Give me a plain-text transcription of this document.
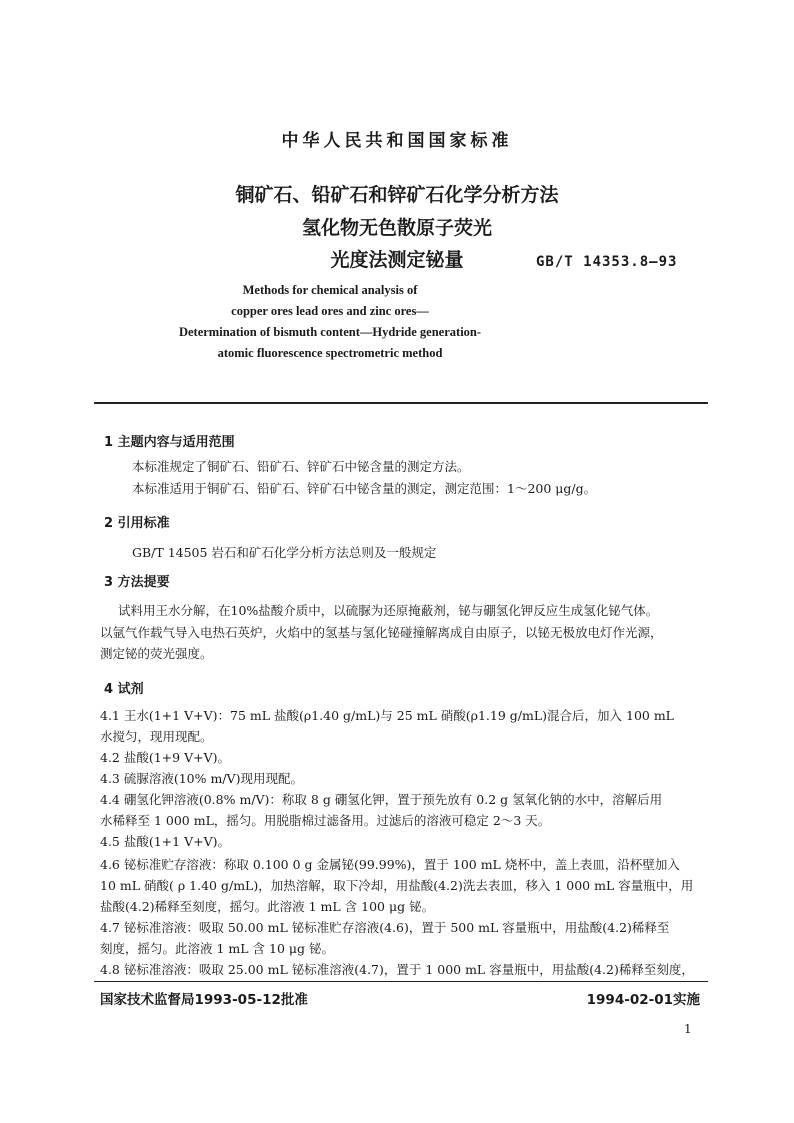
中华人民共和国国家标准
铜矿石、铅矿石和锌矿石化学分析方法
氢化物无色散原子荧光
光度法测定铋量	GB/T 14353.8—93
Methods for chemical analysis of
copper ores lead ores and zinc ores—
Determination of bismuth content—Hydride generation-
atomic fluorescence spectrometric method
1 主题内容与适用范围
本标准规定了铜矿石、铅矿石、锌矿石中铋含量的测定方法。
本标准适用于铜矿石、铅矿石、锌矿石中铋含量的测定，测定范围：1～200 μg/g。
2 引用标准
GB/T 14505 岩石和矿石化学分析方法总则及一般规定
3 方法提要
试料用王水分解，在10%盐酸介质中，以硫脲为还原掩蔽剂，铋与硼氢化钾反应生成氢化铋气体。
以氩气作载气导入电热石英炉，火焰中的氢基与氢化铋碰撞解离成自由原子，以铋无极放电灯作光源，
测定铋的荧光强度。
4 试剂
4.1 王水(1+1 V+V)：75 mL 盐酸(ρ1.40 g/mL)与 25 mL 硝酸(ρ1.19 g/mL)混合后，加入 100 mL
水搅匀，现用现配。
4.2 盐酸(1+9 V+V)。
4.3 硫脲溶液(10% m/V)现用现配。
4.4 硼氢化钾溶液(0.8% m/V)：称取 8 g 硼氢化钾，置于预先放有 0.2 g 氢氧化钠的水中，溶解后用
水稀释至 1 000 mL，摇匀。用脱脂棉过滤备用。过滤后的溶液可稳定 2～3 天。
4.5 盐酸(1+1 V+V)。
4.6 铋标准贮存溶液：称取 0.100 0 g 金属铋(99.99%)，置于 100 mL 烧杯中，盖上表皿，沿杯壁加入
10 mL 硝酸( ρ 1.40 g/mL)，加热溶解，取下冷却，用盐酸(4.2)洗去表皿，移入 1 000 mL 容量瓶中，用
盐酸(4.2)稀释至刻度，摇匀。此溶液 1 mL 含 100 μg 铋。
4.7 铋标准溶液：吸取 50.00 mL 铋标准贮存溶液(4.6)，置于 500 mL 容量瓶中，用盐酸(4.2)稀释至
刻度，摇匀。此溶液 1 mL 含 10 μg 铋。
4.8 铋标准溶液：吸取 25.00 mL 铋标准溶液(4.7)，置于 1 000 mL 容量瓶中，用盐酸(4.2)稀释至刻度，
国家技术监督局1993-05-12批准	1994-02-01实施
1
